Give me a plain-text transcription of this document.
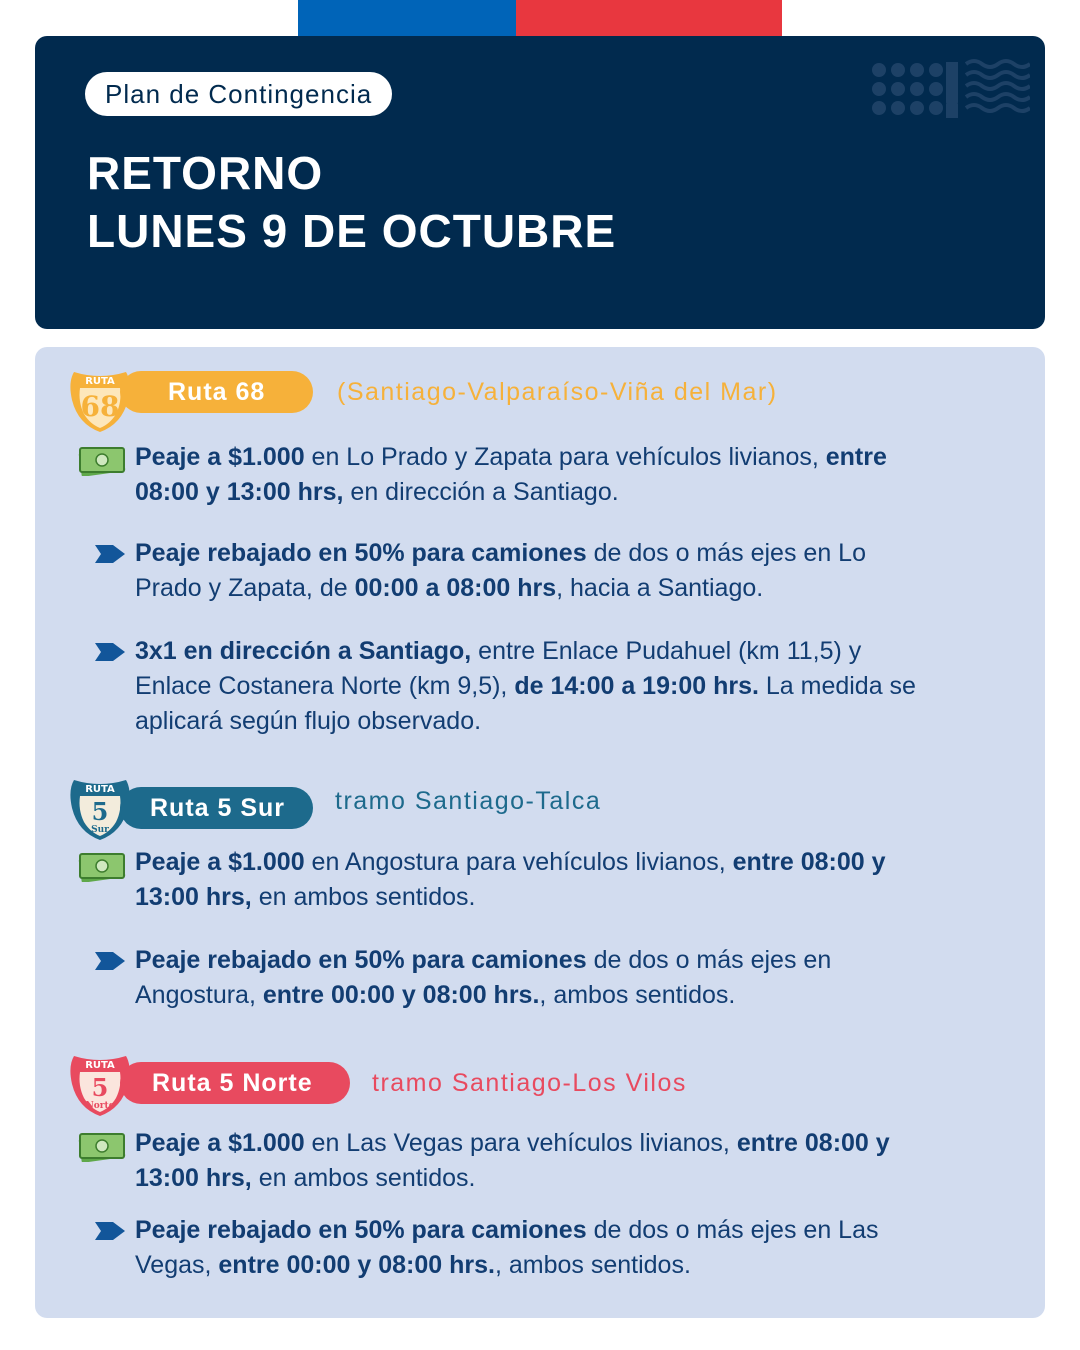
Plan de Contingencia
RETORNO
LUNES 9 DE OCTUBRE
RUTA
68	Ruta 68	(Santiago-Valparaíso-Viña del Mar)
Peaje a $1.000 en Lo Prado y Zapata para vehículos livianos, entre 08:00 y 13:00 hrs, en dirección a Santiago.
Peaje rebajado en 50% para camiones de dos o más ejes en Lo Prado y Zapata, de 00:00 a 08:00 hrs, hacia a Santiago.
3x1 en dirección a Santiago, entre Enlace Pudahuel (km 11,5) y Enlace Costanera Norte (km 9,5), de 14:00 a 19:00 hrs. La medida se aplicará según flujo observado.
RUTA
5
Sur
Ruta 5 Sur	tramo Santiago-Talca
Peaje a $1.000 en Angostura para vehículos livianos, entre 08:00 y 13:00 hrs, en ambos sentidos.
Peaje rebajado en 50% para camiones de dos o más ejes en Angostura, entre 00:00 y 08:00 hrs., ambos sentidos.
RUTA
5
Norte
Ruta 5 Norte	tramo Santiago-Los Vilos
Peaje a $1.000 en Las Vegas para vehículos livianos, entre 08:00 y 13:00 hrs, en ambos sentidos.
Peaje rebajado en 50% para camiones de dos o más ejes en Las Vegas, entre 00:00 y 08:00 hrs., ambos sentidos.
